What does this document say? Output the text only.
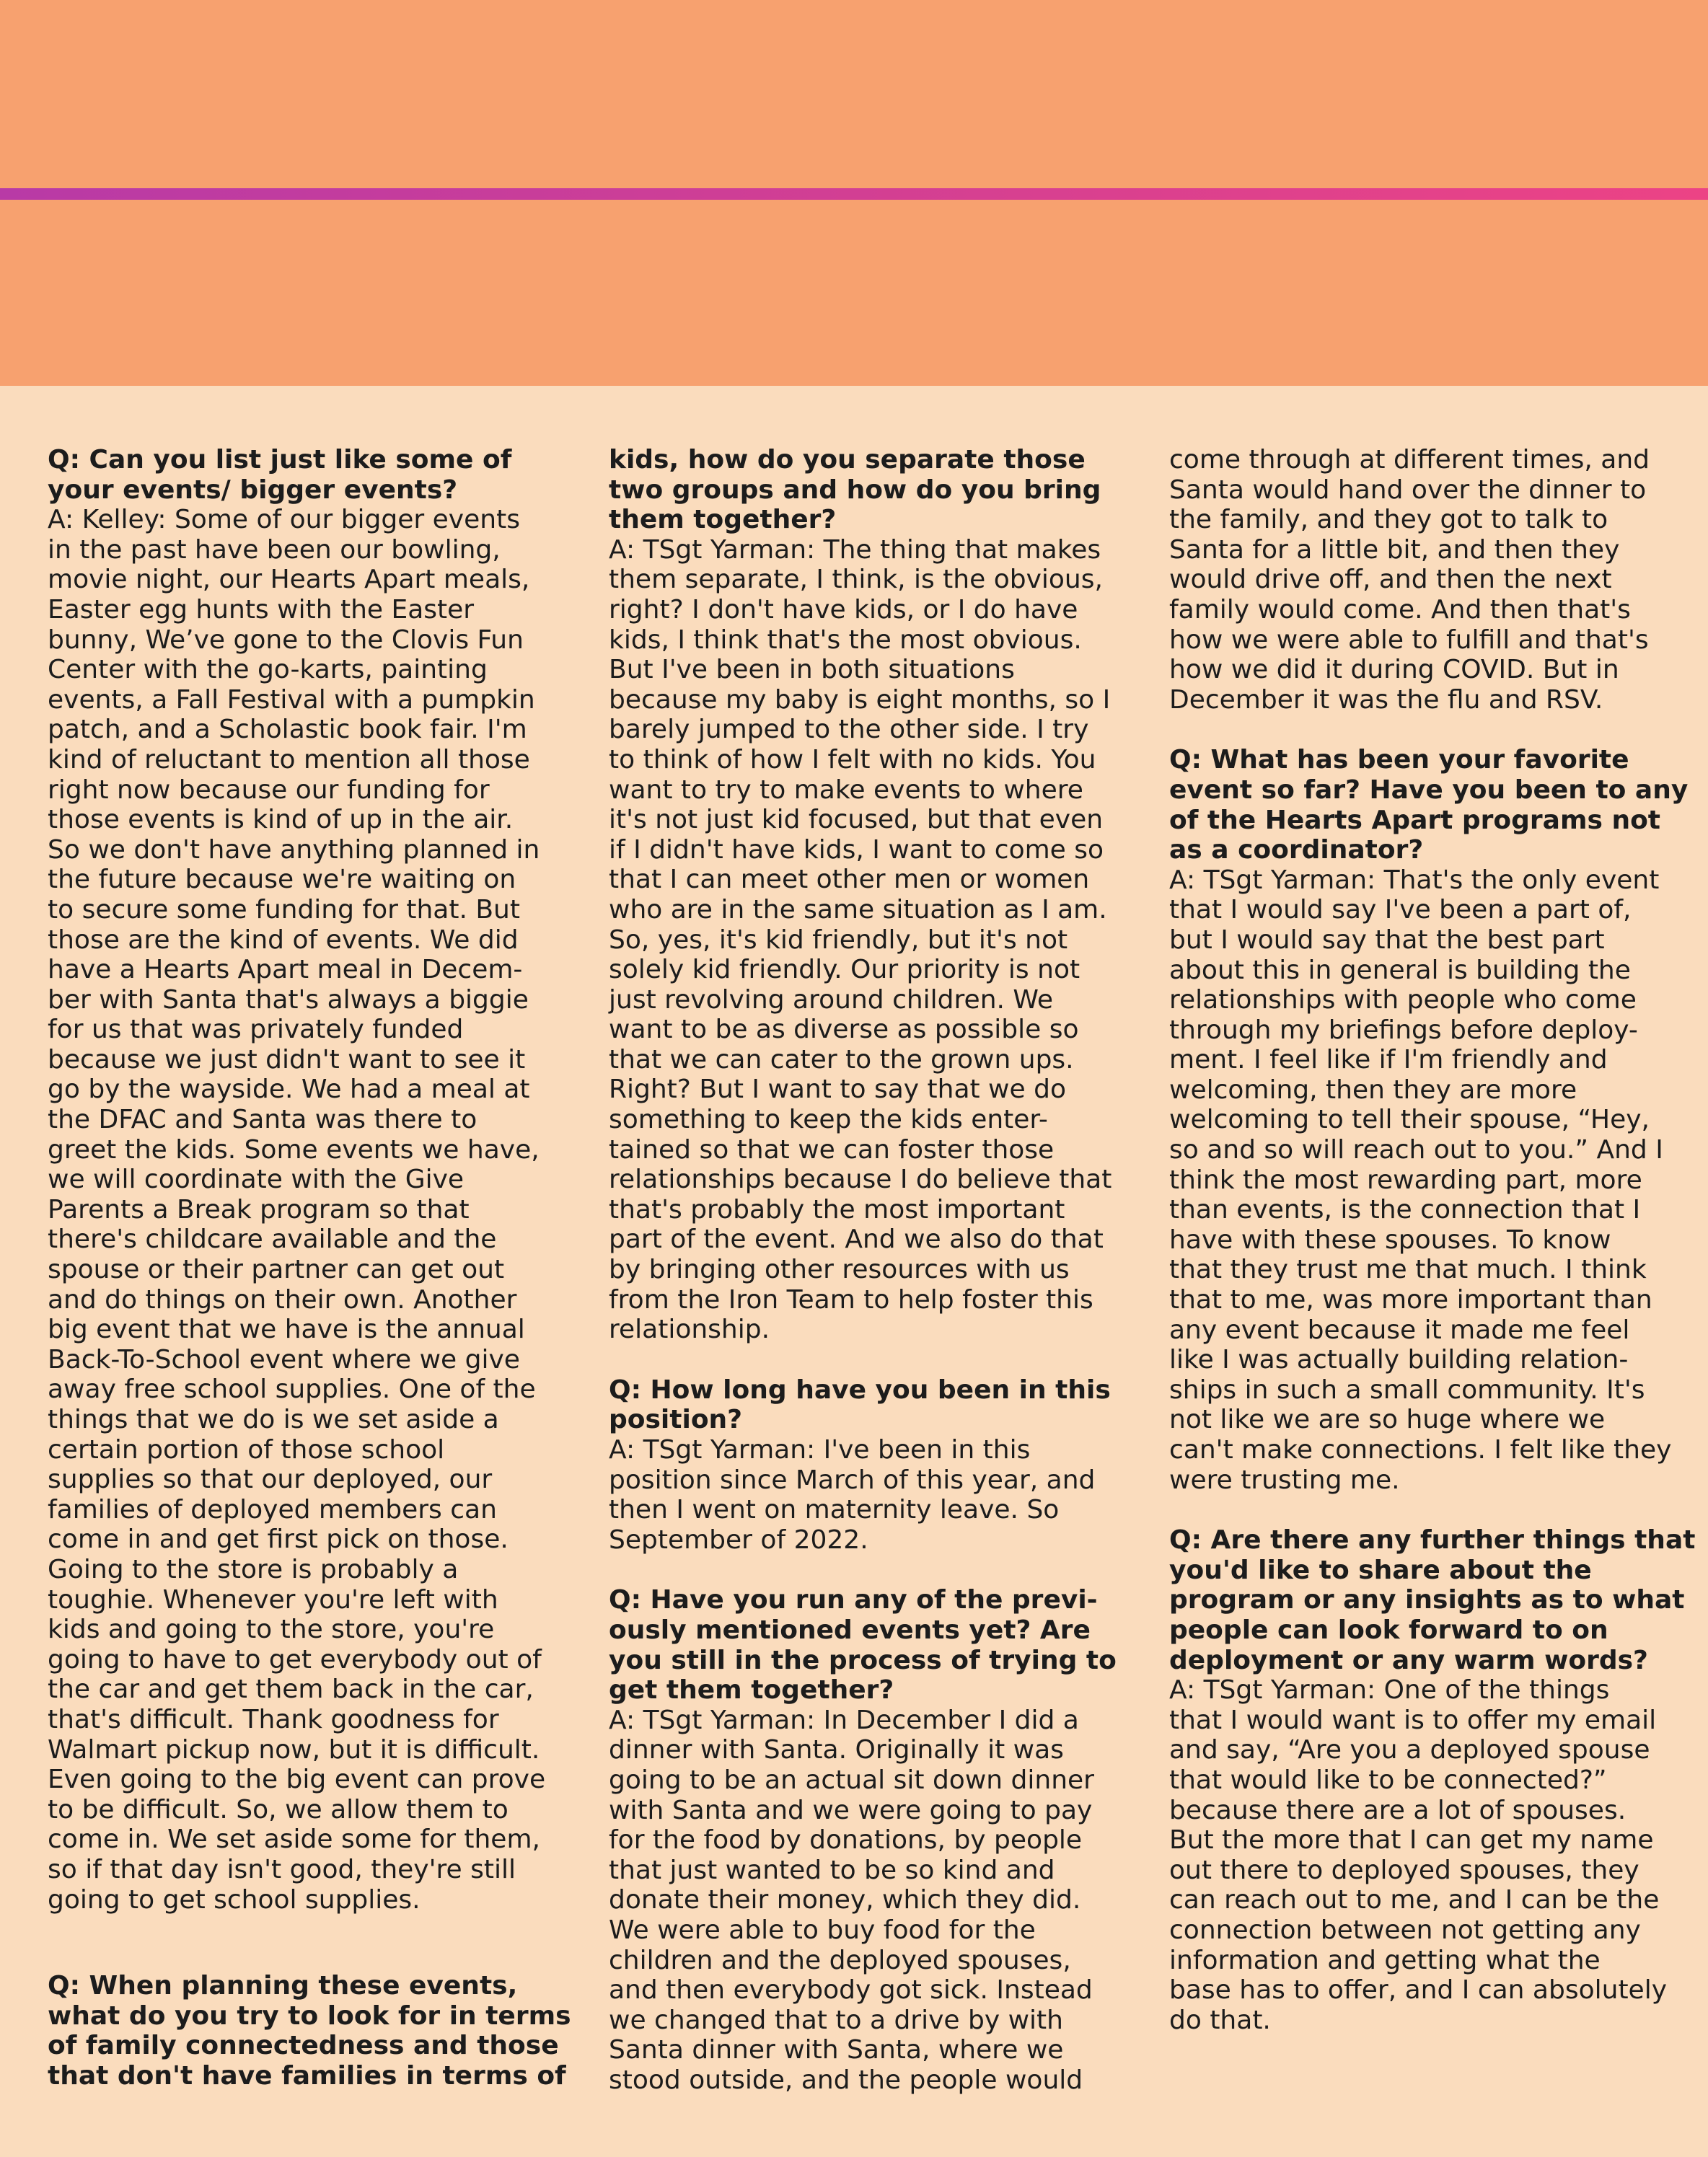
Q: Can you list just like some of
your events/ bigger events?

A: Kelley: Some of our bigger events
in the past have been our bowling,
movie night, our Hearts Apart meals,
Easter egg hunts with the Easter
bunny, We’ve gone to the Clovis Fun
Center with the go-karts, painting
events, a Fall Festival with a pumpkin
patch, and a Scholastic book fair. I'm
kind of reluctant to mention all those
right now because our funding for
those events is kind of up in the air.
So we don't have anything planned in
the future because we're waiting on
to secure some funding for that. But
those are the kind of events. We did
have a Hearts Apart meal in Decem-
ber with Santa that's always a biggie
for us that was privately funded
because we just didn't want to see it
go by the wayside. We had a meal at
the DFAC and Santa was there to
greet the kids. Some events we have,
we will coordinate with the Give
Parents a Break program so that
there's childcare available and the
spouse or their partner can get out
and do things on their own. Another
big event that we have is the annual
Back-To-School event where we give
away free school supplies. One of the
things that we do is we set aside a
certain portion of those school
supplies so that our deployed, our
families of deployed members can
come in and get first pick on those.
Going to the store is probably a
toughie. Whenever you're left with
kids and going to the store, you're
going to have to get everybody out of
the car and get them back in the car,
that's difficult. Thank goodness for
Walmart pickup now, but it is difficult.
Even going to the big event can prove
to be difficult. So, we allow them to
come in. We set aside some for them,
so if that day isn't good, they're still
going to get school supplies.

Q: When planning these events,
what do you try to look for in terms
of family connectedness and those
that don't have families in terms of

kids, how do you separate those
two groups and how do you bring
them together?

A: TSgt Yarman: The thing that makes
them separate, I think, is the obvious,
right? I don't have kids, or I do have
kids, I think that's the most obvious.
But I've been in both situations
because my baby is eight months, so I
barely jumped to the other side. I try
to think of how I felt with no kids. You
want to try to make events to where
it's not just kid focused, but that even
if I didn't have kids, I want to come so
that I can meet other men or women
who are in the same situation as I am.
So, yes, it's kid friendly, but it's not
solely kid friendly. Our priority is not
just revolving around children. We
want to be as diverse as possible so
that we can cater to the grown ups.
Right? But I want to say that we do
something to keep the kids enter-
tained so that we can foster those
relationships because I do believe that
that's probably the most important
part of the event. And we also do that
by bringing other resources with us
from the Iron Team to help foster this
relationship.

Q: How long have you been in this
position?

A: TSgt Yarman: I've been in this
position since March of this year, and
then I went on maternity leave. So
September of 2022.

Q: Have you run any of the previ-
ously mentioned events yet? Are
you still in the process of trying to
get them together?

A: TSgt Yarman: In December I did a
dinner with Santa. Originally it was
going to be an actual sit down dinner
with Santa and we were going to pay
for the food by donations, by people
that just wanted to be so kind and
donate their money, which they did.
We were able to buy food for the
children and the deployed spouses,
and then everybody got sick. Instead
we changed that to a drive by with
Santa dinner with Santa, where we
stood outside, and the people would

come through at different times, and
Santa would hand over the dinner to
the family, and they got to talk to
Santa for a little bit, and then they
would drive off, and then the next
family would come. And then that's
how we were able to fulfill and that's
how we did it during COVID. But in
December it was the flu and RSV.

Q: What has been your favorite
event so far? Have you been to any
of the Hearts Apart programs not
as a coordinator?

A: TSgt Yarman: That's the only event
that I would say I've been a part of,
but I would say that the best part
about this in general is building the
relationships with people who come
through my briefings before deploy-
ment. I feel like if I'm friendly and
welcoming, then they are more
welcoming to tell their spouse, “Hey,
so and so will reach out to you.” And I
think the most rewarding part, more
than events, is the connection that I
have with these spouses. To know
that they trust me that much. I think
that to me, was more important than
any event because it made me feel
like I was actually building relation-
ships in such a small community. It's
not like we are so huge where we
can't make connections. I felt like they
were trusting me.

Q: Are there any further things that
you'd like to share about the
program or any insights as to what
people can look forward to on
deployment or any warm words?

A: TSgt Yarman: One of the things
that I would want is to offer my email
and say, “Are you a deployed spouse
that would like to be connected?”
because there are a lot of spouses.
But the more that I can get my name
out there to deployed spouses, they
can reach out to me, and I can be the
connection between not getting any
information and getting what the
base has to offer, and I can absolutely
do that.
